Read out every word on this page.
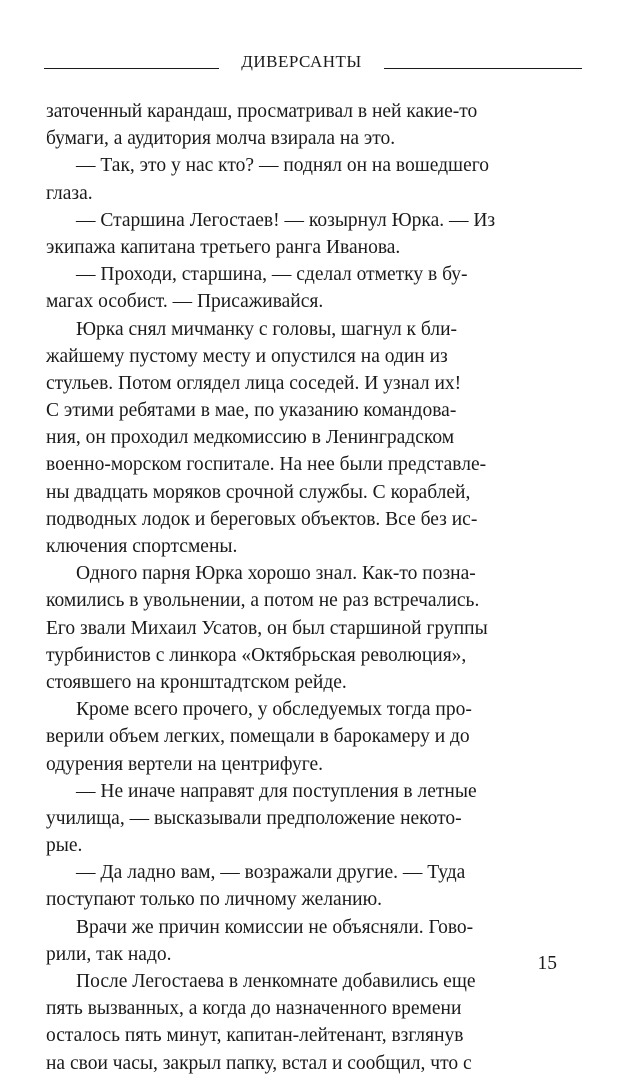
ДИВЕРСАНТЫ
заточенный карандаш, просматривал в ней какие-то
бумаги, а аудитория молча взирала на это.
— Так, это у нас кто? — поднял он на вошедшего
глаза.
— Старшина Легостаев! — козырнул Юрка. — Из
экипажа капитана третьего ранга Иванова.
— Проходи, старшина, — сделал отметку в бу-
магах особист. — Присаживайся.
Юрка снял мичманку с головы, шагнул к бли-
жайшему пустому месту и опустился на один из
стульев. Потом оглядел лица соседей. И узнал их!
С этими ребятами в мае, по указанию командова-
ния, он проходил медкомиссию в Ленинградском
военно-морском госпитале. На нее были представле-
ны двадцать моряков срочной службы. С кораблей,
подводных лодок и береговых объектов. Все без ис-
ключения спортсмены.
Одного парня Юрка хорошо знал. Как-то позна-
комились в увольнении, а потом не раз встречались.
Его звали Михаил Усатов, он был старшиной группы
турбинистов с линкора «Октябрьская революция»,
стоявшего на кронштадтском рейде.
Кроме всего прочего, у обследуемых тогда про-
верили объем легких, помещали в барокамеру и до
одурения вертели на центрифуге.
— Не иначе направят для поступления в летные
училища, — высказывали предположение некото-
рые.
— Да ладно вам, — возражали другие. — Туда
поступают только по личному желанию.
Врачи же причин комиссии не объясняли. Гово-
рили, так надо.
После Легостаева в ленкомнате добавились еще
пять вызванных, а когда до назначенного времени
осталось пять минут, капитан-лейтенант, взглянув
на свои часы, закрыл папку, встал и сообщил, что с
15
